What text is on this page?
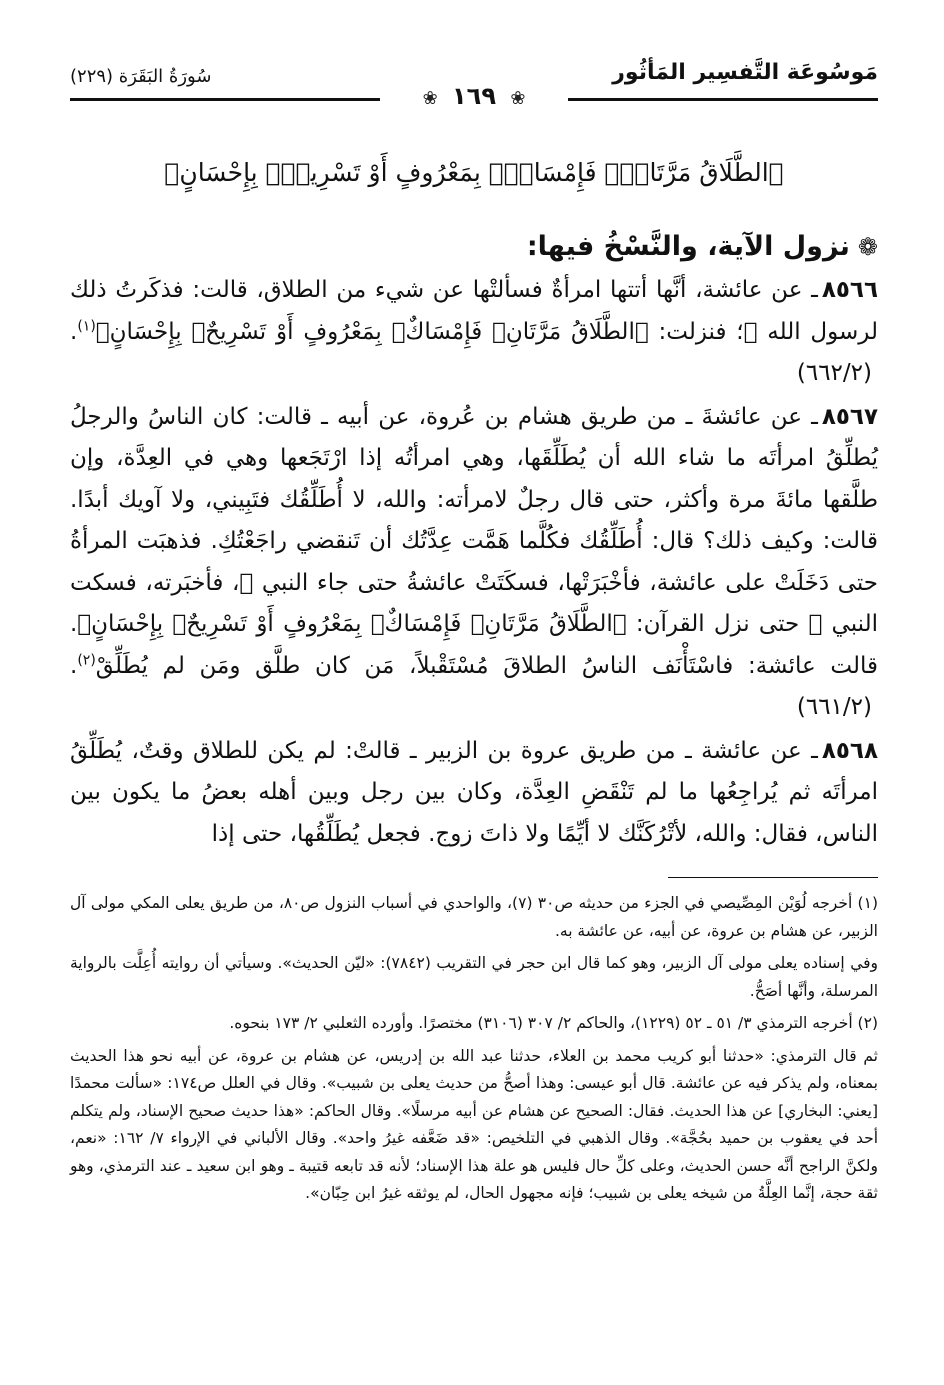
مَوسُوعَة التَّفسِير المَأثُور
سُورَةُ البَقَرَة (٢٢٩)
❀ ١٦٩ ❀
﴿الطَّلَاقُ مَرَّتَانِۖ فَإِمْسَاكٌۢ بِمَعْرُوفٍ أَوْ تَسْرِيحٌۢ بِإِحْسَانٍ﴾
❁نزول الآية، والنَّسْخُ فيها:

٨٥٦٦ـ عن عائشة، أنَّها أتتها امرأةٌ فسألتْها عن شيء من الطلاق، قالت: فذكَرتُ ذلك لرسول الله ﷺ؛ فنزلت: ﴿الطَّلَاقُ مَرَّتَانِۖ فَإِمْسَاكٌۢ بِمَعْرُوفٍ أَوْ تَسْرِيحٌۢ بِإِحْسَانٍ﴾$^{(١)}$. (٦٦٢/٢)

٨٥٦٧ـ عن عائشةَ ـ من طريق هشام بن عُروة، عن أبيه ـ قالت: كان الناسُ والرجلُ يُطلِّقُ امرأتَه ما شاء الله أن يُطَلِّقَها، وهي امرأتُه إذا ارْتَجَعها وهي في العِدَّة، وإن طلَّقها مائةَ مرة وأكثر، حتى قال رجلٌ لامرأته: والله، لا أُطَلِّقُك فتَبِيني، ولا آويك أبدًا. قالت: وكيف ذلك؟ قال: أُطَلِّقُك فكُلَّما هَمَّت عِدَّتُك أن تَنقضي راجَعْتُكِ. فذهبَت المرأةُ حتى دَخَلَتْ على عائشة، فأخْبَرَتْها، فسكَتَتْ عائشةُ حتى جاء النبي ﷺ، فأخبَرته، فسكت النبي ﷺ حتى نزل القرآن: ﴿الطَّلَاقُ مَرَّتَانِۖ فَإِمْسَاكٌۢ بِمَعْرُوفٍ أَوْ تَسْرِيحٌۢ بِإِحْسَانٍ﴾. قالت عائشة: فاسْتَأْنَف الناسُ الطلاقَ مُسْتَقْبلاً، مَن كان طلَّق ومَن لم يُطَلِّقْ$^{(٢)}$. (٦٦١/٢)

٨٥٦٨ـ عن عائشة ـ من طريق عروة بن الزبير ـ قالتْ: لم يكن للطلاق وقتٌ، يُطَلِّقُ امرأتَه ثم يُراجِعُها ما لم تَنْقَضِ العِدَّة، وكان بين رجل وبين أهله بعضُ ما يكون بين الناس، فقال: والله، لأتْرُكَنَّك لا أيِّمًا ولا ذاتَ زوج. فجعل يُطَلِّقُها، حتى إذا

(١) أخرجه لُوَيْن المِصِّيصي في الجزء من حديثه ص٣٠ (٧)، والواحدي في أسباب النزول ص٨٠، من طريق يعلى المكي مولى آل الزبير، عن هشام بن عروة، عن أبيه، عن عائشة به.

وفي إسناده يعلى مولى آل الزبير، وهو كما قال ابن حجر في التقريب (٧٨٤٢): «ليّن الحديث». وسيأتي أن روايته أُعِلَّت بالرواية المرسلة، وأنَّها أصَحُّ.

(٢) أخرجه الترمذي ٣/ ٥١ ـ ٥٢ (١٢٢٩)، والحاكم ٢/ ٣٠٧ (٣١٠٦) مختصرًا. وأورده الثعلبي ٢/ ١٧٣ بنحوه.

ثم قال الترمذي: «حدثنا أبو كريب محمد بن العلاء، حدثنا عبد الله بن إدريس، عن هشام بن عروة، عن أبيه نحو هذا الحديث بمعناه، ولم يذكر فيه عن عائشة. قال أبو عيسى: وهذا أصحُّ من حديث يعلى بن شبيب». وقال في العلل ص١٧٤: «سألت محمدًا [يعني: البخاري] عن هذا الحديث. فقال: الصحيح عن هشام عن أبيه مرسلًا». وقال الحاكم: «هذا حديث صحيح الإسناد، ولم يتكلم أحد في يعقوب بن حميد بحُجَّة». وقال الذهبي في التلخيص: «قد ضَعَّفه غيرُ واحد». وقال الألباني في الإرواء ٧/ ١٦٢: «نعم، ولكنَّ الراجح أنَّه حسن الحديث، وعلى كلِّ حال فليس هو علة هذا الإسناد؛ لأنه قد تابعه قتيبة ـ وهو ابن سعيد ـ عند الترمذي، وهو ثقة حجة، إنَّما العِلَّةُ من شيخه يعلى بن شبيب؛ فإنه مجهول الحال، لم يوثقه غيرُ ابن حِبّان».
